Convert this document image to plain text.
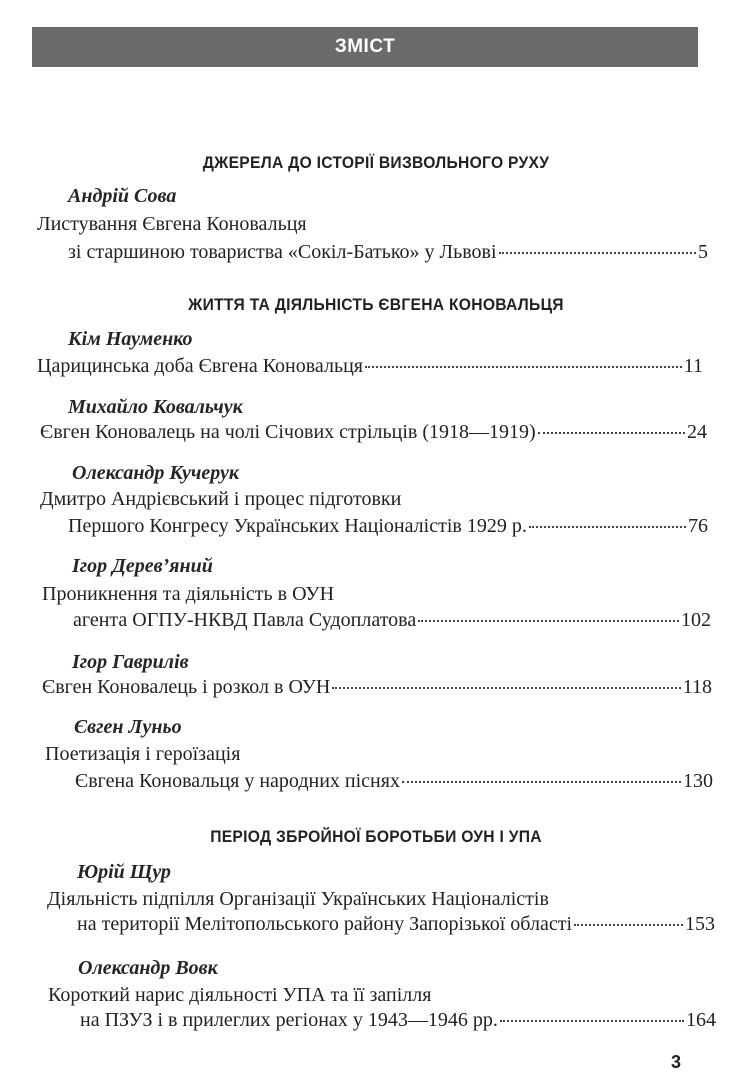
ЗМІСТ
ДЖЕРЕЛА ДО ІСТОРІЇ ВИЗВОЛЬНОГО РУХУ
Андрій Сова
Листування Євгена Коновальця
зі старшиною товариства «Сокіл-Батько» у Львові	5
ЖИТТЯ ТА ДІЯЛЬНІСТЬ ЄВГЕНА КОНОВАЛЬЦЯ
Кім Науменко
Царицинська доба Євгена Коновальця	11
Михайло Ковальчук
Євген Коновалець на чолі Січових стрільців (1918—1919)	24
Олександр Кучерук
Дмитро Андрієвський і процес підготовки
Першого Конгресу Українських Націоналістів 1929 р.	76
Ігор Дерев’яний
Проникнення та діяльність в ОУН
агента ОГПУ-НКВД Павла Судоплатова	102
Ігор Гаврилів
Євген Коновалець і розкол в ОУН	118
Євген Луньо
Поетизація і героїзація
Євгена Коновальця у народних піснях	130
ПЕРІОД ЗБРОЙНОЇ БОРОТЬБИ ОУН І УПА
Юрій Щур
Діяльність підпілля Організації Українських Націоналістів
на території Мелітопольського району Запорізької області	153
Олександр Вовк
Короткий нарис діяльності УПА та її запілля
на ПЗУЗ і в прилеглих регіонах у 1943—1946 рр.	164
3
